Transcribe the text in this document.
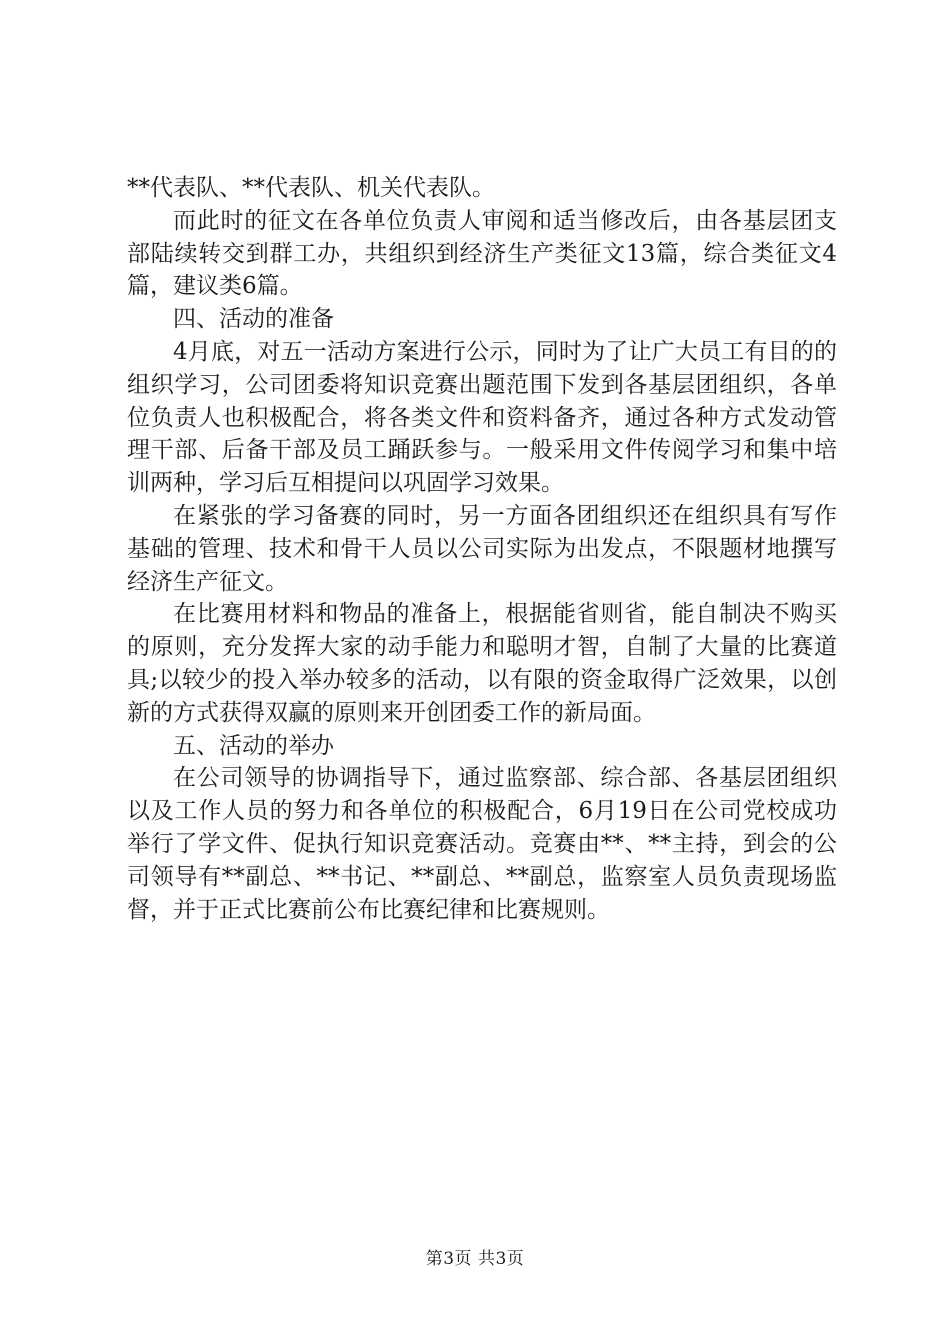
**代表队、**代表队、机关代表队。

而此时的征文在各单位负责人审阅和适当修改后，由各基层团支部陆续转交到群工办，共组织到经济生产类征文13篇，综合类征文4篇，建议类6篇。

四、活动的准备

4月底，对五一活动方案进行公示，同时为了让广大员工有目的的组织学习，公司团委将知识竞赛出题范围下发到各基层团组织，各单位负责人也积极配合，将各类文件和资料备齐，通过各种方式发动管理干部、后备干部及员工踊跃参与。一般采用文件传阅学习和集中培训两种，学习后互相提问以巩固学习效果。

在紧张的学习备赛的同时，另一方面各团组织还在组织具有写作基础的管理、技术和骨干人员以公司实际为出发点，不限题材地撰写经济生产征文。

在比赛用材料和物品的准备上，根据能省则省，能自制决不购买的原则，充分发挥大家的动手能力和聪明才智，自制了大量的比赛道具;以较少的投入举办较多的活动，以有限的资金取得广泛效果，以创新的方式获得双赢的原则来开创团委工作的新局面。

五、活动的举办

在公司领导的协调指导下，通过监察部、综合部、各基层团组织以及工作人员的努力和各单位的积极配合，6月19日在公司党校成功举行了学文件、促执行知识竞赛活动。竞赛由**、**主持，到会的公司领导有**副总、**书记、**副总、**副总，监察室人员负责现场监督，并于正式比赛前公布比赛纪律和比赛规则。

第3页 共3页
